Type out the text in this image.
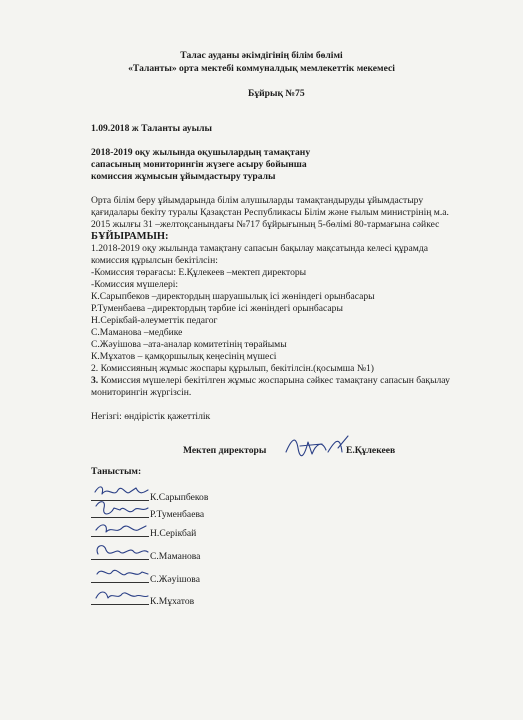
Талас ауданы әкімдігінің білім бөлімі
«Таланты» орта мектебі коммуналдық мемлекеттік мекемесі
Бұйрық №75
1.09.2018 ж Таланты ауылы
2018-2019 оқу жылында оқушылардың тамақтану
сапасының мониторингін жүзеге асыру бойынша
комиссия жұмысын ұйымдастыру туралы
Орта білім беру ұйымдарында білім алушыларды тамақтандыруды ұйымдастыру
қағидалары бекіту туралы Қазақстан Республикасы Білім және ғылым министрінің м.а.
2015 жылғы 31 –желтоқсанындағы №717 бұйрығының 5-бөлімі 80-тармағына сәйкес
БҰЙЫРАМЫН:
1.2018-2019 оқу жылында тамақтану сапасын бақылау мақсатында келесі құрамда
комиссия құрылсын бекітілсін:
-Комиссия төрағасы: Е.Құлекеев –мектеп директоры
-Комиссия мүшелері:
К.Сарыпбеков –директордың шаруашылық ісі жөніндегі орынбасары
Р.Туменбаева –директордың тәрбие ісі жөніндегі орынбасары
Н.Серікбай-әлеуметтік педагог
С.Маманова –медбике
С.Жәуішова –ата-аналар комитетінің төрайымы
К.Мұхатов – қамқоршылық кеңесінің мүшесі
2. Комиссияның жұмыс жоспары құрылып, бекітілсін.(қосымша №1)
3. Комиссия мүшелері бекітілген жұмыс жоспарына сәйкес тамақтану сапасын бақылау
мониторингін жүргізсін.
Негізгі: өндірістік қажеттілік
Мектеп директоры	Е.Құлекеев
Таныстым:
К.Сарыпбеков
Р.Туменбаева
Н.Серікбай
С.Маманова
С.Жәуішова
К.Мұхатов
